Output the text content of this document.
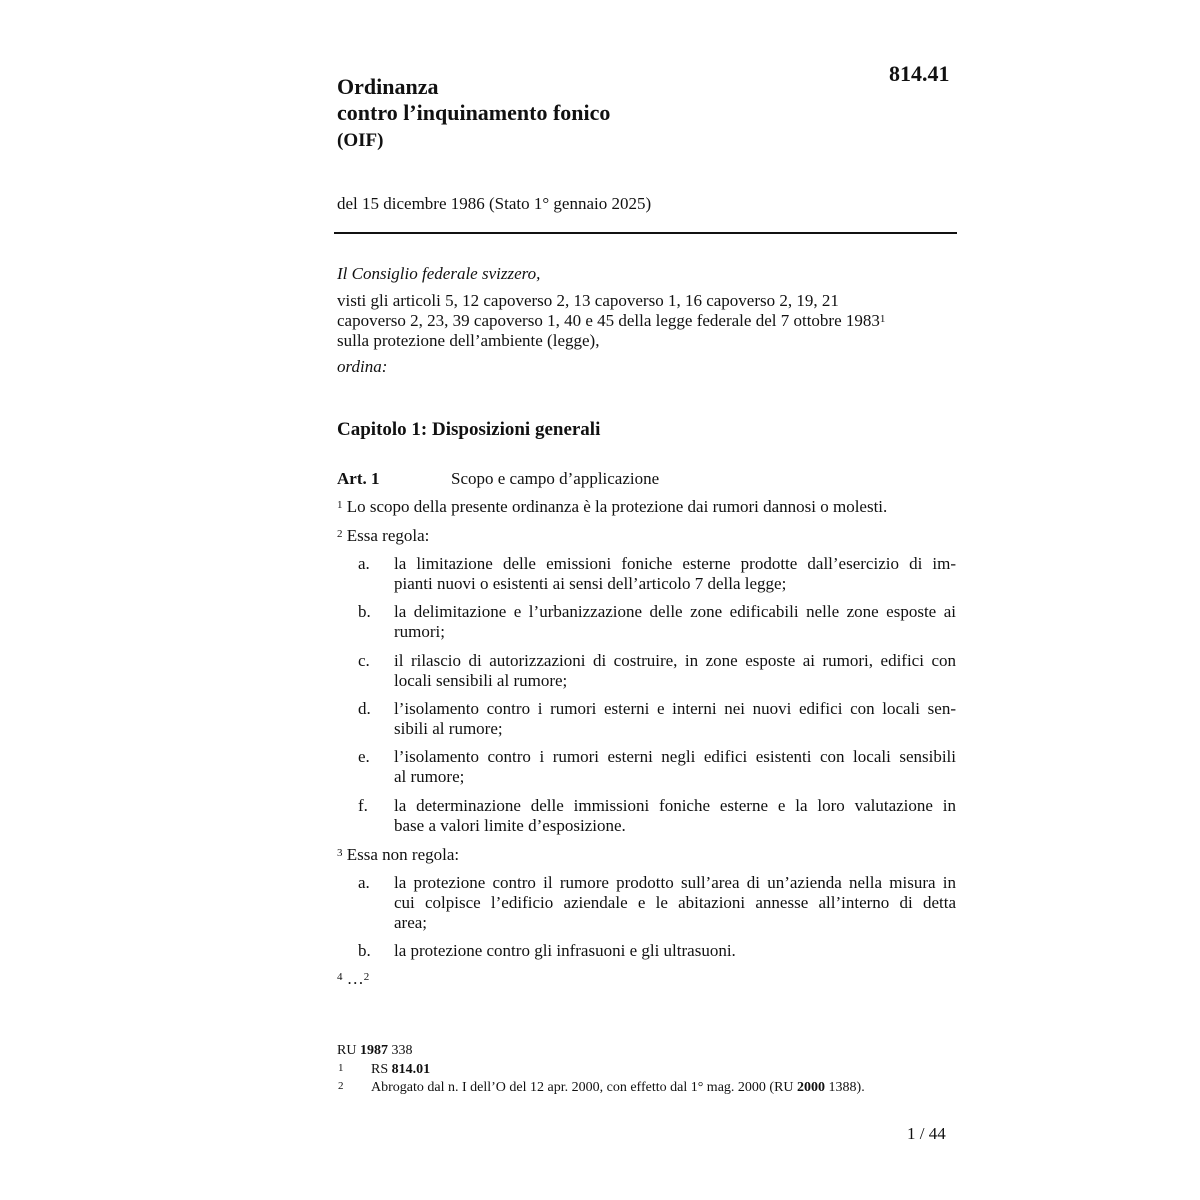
814.41
Ordinanza
contro l’inquinamento fonico
(OIF)
del 15 dicembre 1986 (Stato 1° gennaio 2025)
Il Consiglio federale svizzero,
visti gli articoli 5, 12 capoverso 2, 13 capoverso 1, 16 capoverso 2, 19, 21
capoverso 2, 23, 39 capoverso 1, 40 e 45 della legge federale del 7 ottobre 1983$^1$
sulla protezione dell’ambiente (legge),
ordina:
Capitolo 1: Disposizioni generali
Art. 1	Scopo e campo d’applicazione
$^1$ Lo scopo della presente ordinanza è la protezione dai rumori dannosi o molesti.
$^2$ Essa regola:
a. la limitazione delle emissioni foniche esterne prodotte dall’esercizio di im-
pianti nuovi o esistenti ai sensi dell’articolo 7 della legge;
b. la delimitazione e l’urbanizzazione delle zone edificabili nelle zone esposte ai
rumori;
c. il rilascio di autorizzazioni di costruire, in zone esposte ai rumori, edifici con
locali sensibili al rumore;
d. l’isolamento contro i rumori esterni e interni nei nuovi edifici con locali sen-
sibili al rumore;
e. l’isolamento contro i rumori esterni negli edifici esistenti con locali sensibili
al rumore;
f. la determinazione delle immissioni foniche esterne e la loro valutazione in
base a valori limite d’esposizione.
$^3$ Essa non regola:
a. la protezione contro il rumore prodotto sull’area di un’azienda nella misura in
cui colpisce l’edificio aziendale e le abitazioni annesse all’interno di detta
area;
b. la protezione contro gli infrasuoni e gli ultrasuoni.
$^4$ …$^2$
RU 1987 338
1 RS 814.01
2 Abrogato dal n. I dell’O del 12 apr. 2000, con effetto dal 1° mag. 2000 (RU 2000 1388).
1 / 44
